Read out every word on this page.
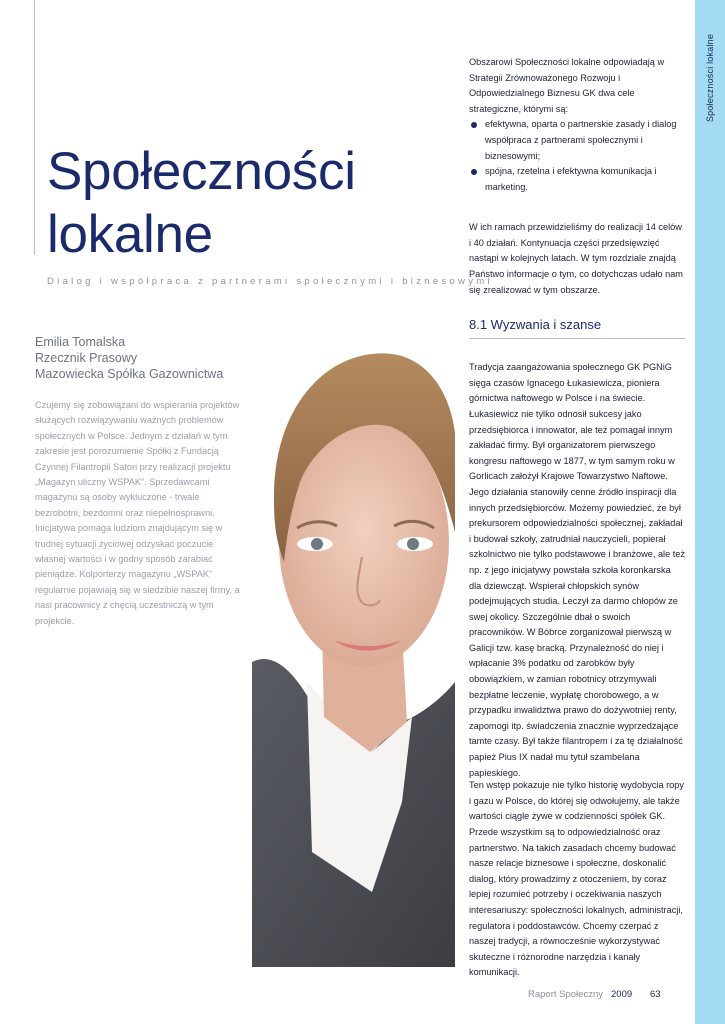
Społeczności lokalne
Społeczności
lokalne

Dialog i współpraca z partnerami społecznymi i biznesowymi

Emilia Tomalska
Rzecznik Prasowy
Mazowiecka Spółka Gazownictwa

Czujemy się zobowiązani do wspierania projektów służących rozwiązywaniu ważnych problemów społecznych w Polsce. Jednym z działań w tym zakresie jest porozumienie Spółki z Fundacją Czynnej Filantropii Satori przy realizacji projektu „Magazyn uliczny WSPAK”. Sprzedawcami magazynu są osoby wykluczone - trwale bezrobotni, bezdomni oraz niepełnosprawni. Inicjatywa pomaga ludziom znajdującym się w trudnej sytuacji życiowej odzyskać poczucie własnej wartości i w godny sposób zarabiać pieniądze. Kolporterzy magazynu „WSPAK” regularnie pojawiają się w siedzibie naszej firmy, a nasi pracownicy z chęcią uczestniczą w tym projekcie.

Obszarowi Społeczności lokalne odpowiadają w Strategii Zrównoważonego Rozwoju i Odpowiedzialnego Biznesu GK dwa cele strategiczne, którymi są:

efektywna, oparta o partnerskie zasady i dialog współpraca z partnerami społecznymi i biznesowymi;
spójna, rzetelna i efektywna komunikacja i marketing.

W ich ramach przewidzieliśmy do realizacji 14 celów i 40 działań. Kontynuacja części przedsięwzięć nastąpi w kolejnych latach. W tym rozdziale znajdą Państwo informacje o tym, co dotychczas udało nam się zrealizować w tym obszarze.

8.1 Wyzwania i szanse

Tradycja zaangażowania społecznego GK PGNiG sięga czasów Ignacego Łukasiewicza, pioniera górnictwa naftowego w Polsce i na świecie. Łukasiewicz nie tylko odnosił sukcesy jako przedsiębiorca i innowator, ale też pomagał innym zakładać firmy. Był organizatorem pierwszego kongresu naftowego w 1877, w tym samym roku w Gorlicach założył Krajowe Towarzystwo Naftowe. Jego działania stanowiły cenne źródło inspiracji dla innych przedsiębiorców. Możemy powiedzieć, że był prekursorem odpowiedzialności społecznej, zakładał i budował szkoły, zatrudniał nauczycieli, popierał szkolnictwo nie tylko podstawowe i branżowe, ale też np. z jego inicjatywy powstała szkoła koronkarska dla dziewcząt. Wspierał chłopskich synów podejmujących studia. Leczył za darmo chłopów ze swej okolicy. Szczególnie dbał o swoich pracowników. W Bóbrce zorganizował pierwszą w Galicji tzw. kasę bracką. Przynależność do niej i wpłacanie 3% podatku od zarobków były obowiązkiem, w zamian robotnicy otrzymywali bezpłatne leczenie, wypłatę chorobowego, a w przypadku inwalidztwa prawo do dożywotniej renty, zapomogi itp. świadczenia znacznie wyprzedzające tamte czasy. Był także filantropem i za tę działalność papież Pius IX nadał mu tytuł szambelana papieskiego.

Ten wstęp pokazuje nie tylko historię wydobycia ropy i gazu w Polsce, do której się odwołujemy, ale także wartości ciągle żywe w codzienności spółek GK. Przede wszystkim są to odpowiedzialność oraz partnerstwo. Na takich zasadach chcemy budować nasze relacje biznesowe i społeczne, doskonalić dialog, który prowadzimy z otoczeniem, by coraz lepiej rozumieć potrzeby i oczekiwania naszych interesariuszy: społeczności lokalnych, administracji, regulatora i poddostawców. Chcemy czerpać z naszej tradycji, a równocześnie wykorzystywać skuteczne i różnorodne narzędzia i kanały komunikacji.

Raport Społeczny 2009 63
